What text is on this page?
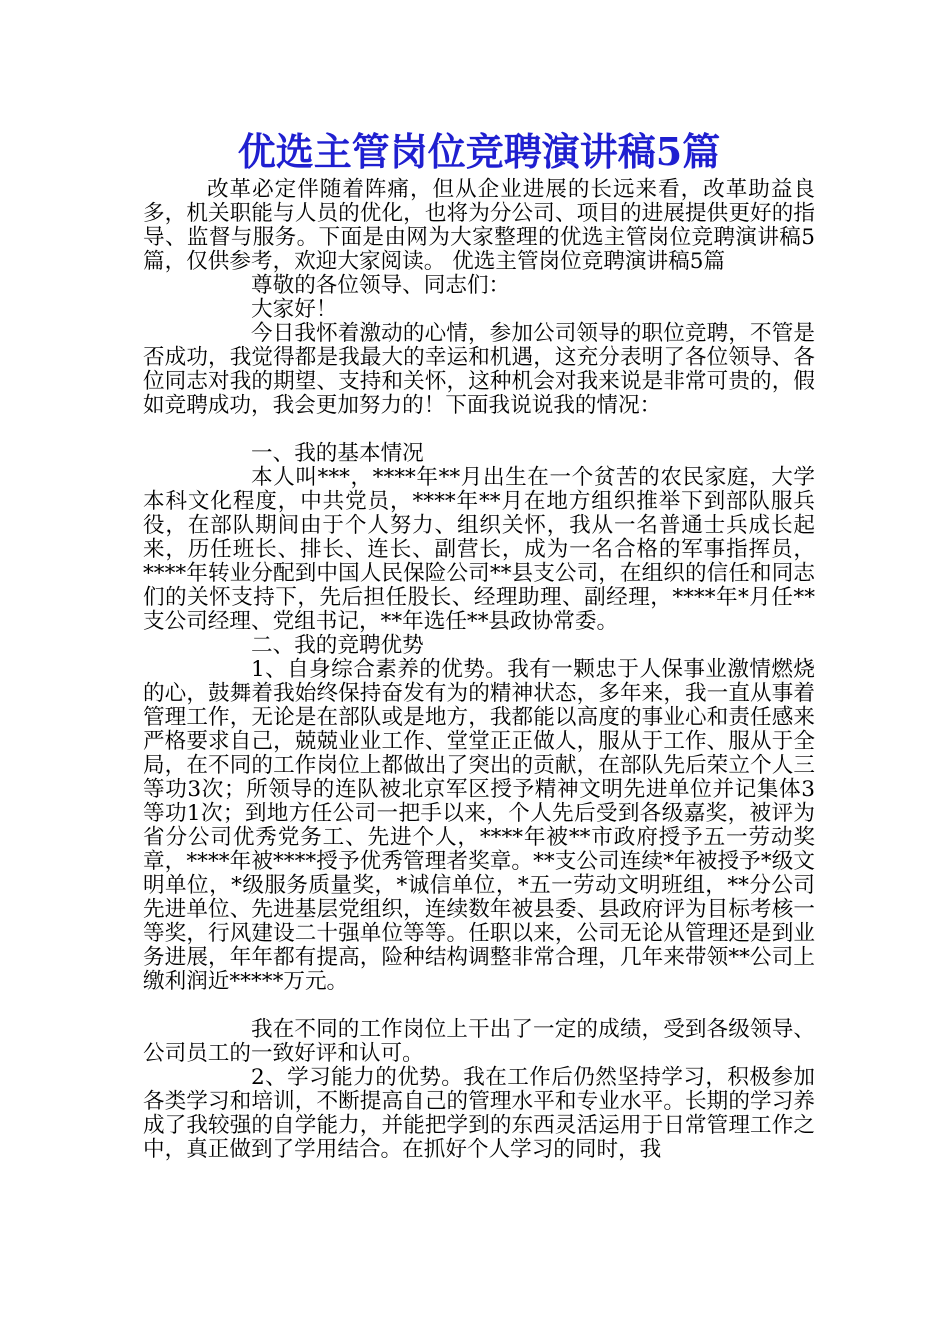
优选主管岗位竞聘演讲稿5篇

改革必定伴随着阵痛，但从企业进展的长远来看，改革助益良多，机关职能与人员的优化，也将为分公司、项目的进展提供更好的指导、监督与服务。下面是由网为大家整理的优选主管岗位竞聘演讲稿5篇，仅供参考，欢迎大家阅读。 优选主管岗位竞聘演讲稿5篇

尊敬的各位领导、同志们：

大家好！

今日我怀着激动的心情，参加公司领导的职位竞聘，不管是否成功，我觉得都是我最大的幸运和机遇，这充分表明了各位领导、各位同志对我的期望、支持和关怀，这种机会对我来说是非常可贵的，假如竞聘成功，我会更加努力的！下面我说说我的情况：

一、我的基本情况

本人叫***，****年**月出生在一个贫苦的农民家庭，大学本科文化程度，中共党员，****年**月在地方组织推举下到部队服兵役，在部队期间由于个人努力、组织关怀，我从一名普通士兵成长起来，历任班长、排长、连长、副营长，成为一名合格的军事指挥员，****年转业分配到中国人民保险公司**县支公司，在组织的信任和同志们的关怀支持下，先后担任股长、经理助理、副经理，****年*月任**支公司经理、党组书记，**年选任**县政协常委。

二、我的竞聘优势

1、自身综合素养的优势。我有一颗忠于人保事业激情燃烧的心，鼓舞着我始终保持奋发有为的精神状态，多年来，我一直从事着管理工作，无论是在部队或是地方，我都能以高度的事业心和责任感来严格要求自己，兢兢业业工作、堂堂正正做人，服从于工作、服从于全局，在不同的工作岗位上都做出了突出的贡献，在部队先后荣立个人三等功3次；所领导的连队被北京军区授予精神文明先进单位并记集体3等功1次；到地方任公司一把手以来，个人先后受到各级嘉奖，被评为省分公司优秀党务工、先进个人，****年被**市政府授予五一劳动奖章，****年被****授予优秀管理者奖章。**支公司连续*年被授予*级文明单位，*级服务质量奖，*诚信单位，*五一劳动文明班组，**分公司先进单位、先进基层党组织，连续数年被县委、县政府评为目标考核一等奖，行风建设二十强单位等等。任职以来，公司无论从管理还是到业务进展，年年都有提高，险种结构调整非常合理，几年来带领**公司上缴利润近*****万元。

我在不同的工作岗位上干出了一定的成绩，受到各级领导、公司员工的一致好评和认可。

2、学习能力的优势。我在工作后仍然坚持学习，积极参加各类学习和培训，不断提高自己的管理水平和专业水平。长期的学习养成了我较强的自学能力，并能把学到的东西灵活运用于日常管理工作之中，真正做到了学用结合。在抓好个人学习的同时，我
